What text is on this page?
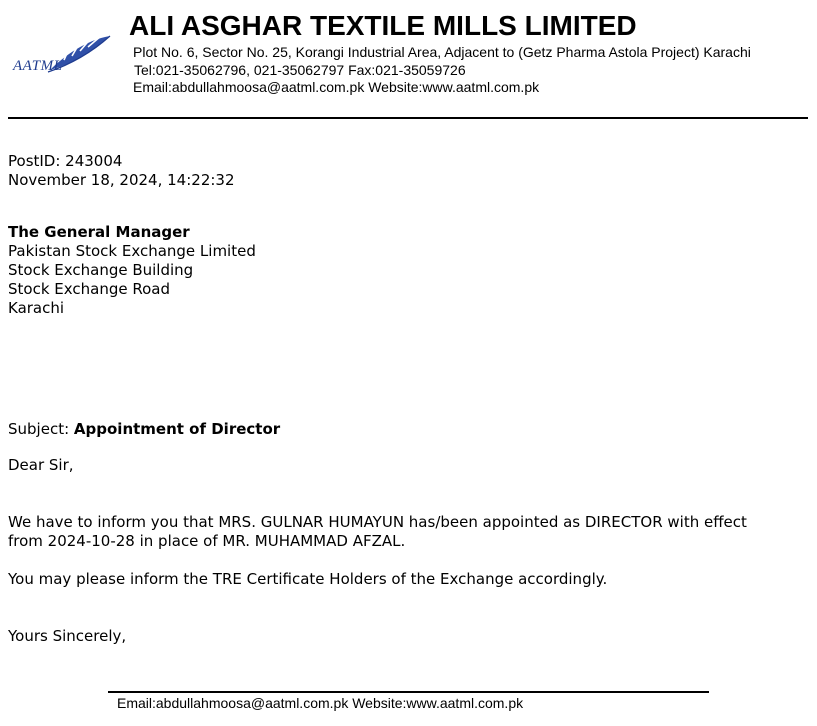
AATML
ALI ASGHAR TEXTILE MILLS LIMITED
Plot No. 6, Sector No. 25, Korangi Industrial Area, Adjacent to (Getz Pharma Astola Project) Karachi
Tel:021-35062796, 021-35062797 Fax:021-35059726
Email:abdullahmoosa@aatml.com.pk Website:www.aatml.com.pk
PostID: 243004
November 18, 2024, 14:22:32
The General Manager
Pakistan Stock Exchange Limited
Stock Exchange Building
Stock Exchange Road
Karachi
Subject: Appointment of Director
Dear Sir,
We have to inform you that MRS. GULNAR HUMAYUN has/been appointed as DIRECTOR with effect
from 2024-10-28 in place of MR. MUHAMMAD AFZAL.
You may please inform the TRE Certificate Holders of the Exchange accordingly.
Yours Sincerely,
Email:abdullahmoosa@aatml.com.pk Website:www.aatml.com.pk
